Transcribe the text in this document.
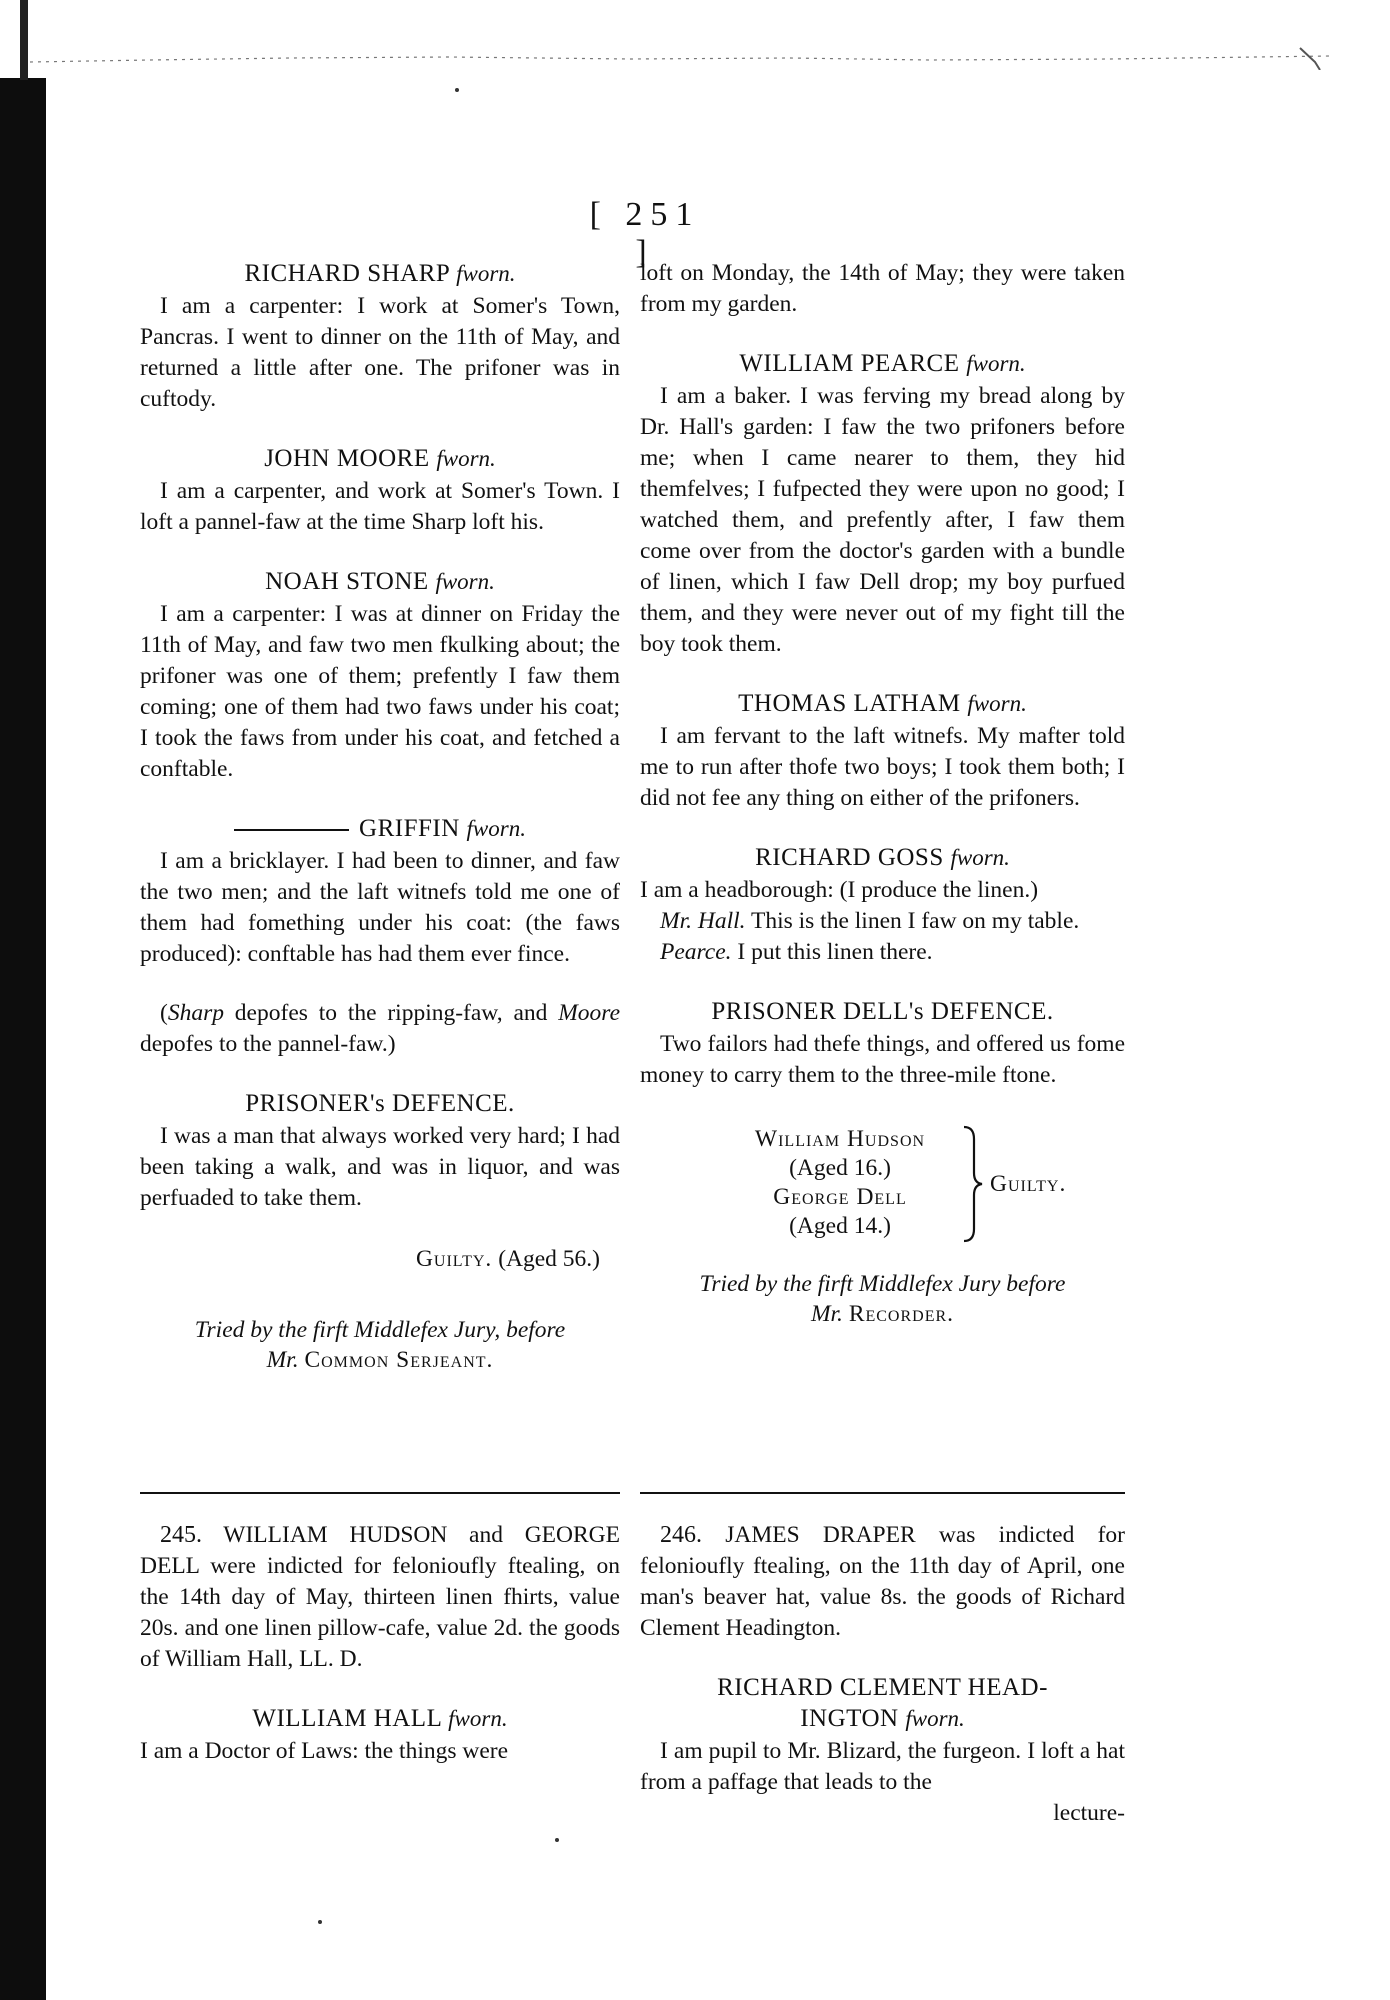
[ 251 ]
RICHARD SHARP fworn.

I am a carpenter: I work at Somer's Town, Pancras. I went to dinner on the 11th of May, and returned a little after one. The prifoner was in cuftody.

JOHN MOORE fworn.

I am a carpenter, and work at Somer's Town. I loft a pannel-faw at the time Sharp loft his.

NOAH STONE fworn.

I am a carpenter: I was at dinner on Friday the 11th of May, and faw two men fkulking about; the prifoner was one of them; prefently I faw them coming; one of them had two faws under his coat; I took the faws from under his coat, and fetched a conftable.

GRIFFIN fworn.

I am a bricklayer. I had been to dinner, and faw the two men; and the laft witnefs told me one of them had fomething under his coat: (the faws produced): conftable has had them ever fince.

(Sharp depofes to the ripping-faw, and Moore depofes to the pannel-faw.)

PRISONER's DEFENCE.

I was a man that always worked very hard; I had been taking a walk, and was in liquor, and was perfuaded to take them.

Guilty. (Aged 56.)
Tried by the firft Middlefex Jury, before
Mr. Common Serjeant.

loft on Monday, the 14th of May; they were taken from my garden.

WILLIAM PEARCE fworn.

I am a baker. I was ferving my bread along by Dr. Hall's garden: I faw the two prifoners before me; when I came nearer to them, they hid themfelves; I fufpected they were upon no good; I watched them, and prefently after, I faw them come over from the doctor's garden with a bundle of linen, which I faw Dell drop; my boy purfued them, and they were never out of my fight till the boy took them.

THOMAS LATHAM fworn.

I am fervant to the laft witnefs. My mafter told me to run after thofe two boys; I took them both; I did not fee any thing on either of the prifoners.

RICHARD GOSS fworn.

I am a headborough: (I produce the linen.)

Mr. Hall. This is the linen I faw on my table.

Pearce. I put this linen there.

PRISONER DELL's DEFENCE.

Two failors had thefe things, and offered us fome money to carry them to the three-mile ftone.

William Hudson
(Aged 16.)
George Dell
(Aged 14.)
Guilty.
Tried by the firft Middlefex Jury before
Mr. Recorder.

245. WILLIAM HUDSON and GEORGE DELL were indicted for felonioufly ftealing, on the 14th day of May, thirteen linen fhirts, value 20s. and one linen pillow-cafe, value 2d. the goods of William Hall, LL. D.

WILLIAM HALL fworn.

I am a Doctor of Laws: the things were

246. JAMES DRAPER was indicted for felonioufly ftealing, on the 11th day of April, one man's beaver hat, value 8s. the goods of Richard Clement Headington.

RICHARD CLEMENT HEAD-
INGTON fworn.

I am pupil to Mr. Blizard, the furgeon. I loft a hat from a paffage that leads to the

lecture-
